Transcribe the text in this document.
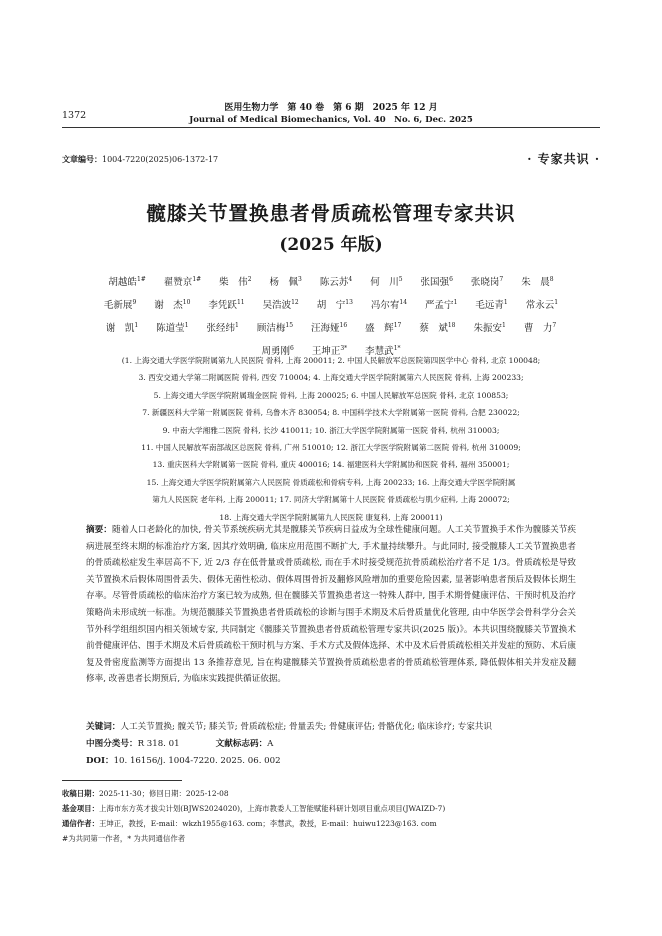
医用生物力学　第 40 卷　第 6 期　2025 年 12 月
Journal of Medical Biomechanics, Vol. 40　No. 6, Dec. 2025
1372
文章编号：1004-7220(2025)06-1372-17	· 专家共识 ·
髋膝关节置换患者骨质疏松管理专家共识
(2025 年版)
胡越皓$^{1\#}$ 翟赞京$^{1\#}$ 柴　伟$^2$ 杨　佩$^3$ 陈云苏$^4$ 何　川$^5$ 张国强$^6$ 张晓岗$^7$ 朱　晨$^8$毛新展$^9$ 谢　杰$^{10}$ 李凭跃$^{11}$ 吴浩波$^{12}$ 胡　宁$^{13}$ 冯尔宥$^{14}$ 严孟宁$^1$ 毛远青$^1$ 常永云$^1$谢　凯$^1$ 陈道莹$^1$ 张经纬$^1$ 顾洁梅$^{15}$ 汪海娅$^{16}$ 盛　辉$^{17}$ 蔡　斌$^{18}$ 朱振安$^1$ 曹　力$^7$周勇刚$^6$ 王坤正$^{3*}$ 李慧武$^{1*}$
(1. 上海交通大学医学院附属第九人民医院 骨科, 上海 200011; 2. 中国人民解放军总医院第四医学中心 骨科, 北京 100048;
3. 西安交通大学第二附属医院 骨科, 西安 710004; 4. 上海交通大学医学院附属第六人民医院 骨科, 上海 200233;
5. 上海交通大学医学院附属瑞金医院 骨科, 上海 200025; 6. 中国人民解放军总医院 骨科, 北京 100853;
7. 新疆医科大学第一附属医院 骨科, 乌鲁木齐 830054; 8. 中国科学技术大学附属第一医院 骨科, 合肥 230022;
9. 中南大学湘雅二医院 骨科, 长沙 410011; 10. 浙江大学医学院附属第一医院 骨科, 杭州 310003;
11. 中国人民解放军南部战区总医院 骨科, 广州 510010; 12. 浙江大学医学院附属第二医院 骨科, 杭州 310009;
13. 重庆医科大学附属第一医院 骨科, 重庆 400016; 14. 福建医科大学附属协和医院 骨科, 福州 350001;
15. 上海交通大学医学院附属第六人民医院 骨质疏松和骨病专科, 上海 200233; 16. 上海交通大学医学院附属
第九人民医院 老年科, 上海 200011; 17. 同济大学附属第十人民医院 骨质疏松与肌少症科, 上海 200072;
18. 上海交通大学医学院附属第九人民医院 康复科, 上海 200011)
摘要：随着人口老龄化的加快, 骨关节系统疾病尤其是髋膝关节疾病日益成为全球性健康问题。人工关节置换手术作为髋膝关节疾病进展至终末期的标准治疗方案, 因其疗效明确, 临床应用范围不断扩大, 手术量持续攀升。与此同时, 接受髋膝人工关节置换患者的骨质疏松症发生率居高不下, 近 2/3 存在低骨量或骨质疏松, 而在手术时接受规范抗骨质疏松治疗者不足 1/3。骨质疏松是导致关节置换术后假体周围骨丢失、假体无菌性松动、假体周围骨折及翻修风险增加的重要危险因素, 显著影响患者预后及假体长期生存率。尽管骨质疏松的临床治疗方案已较为成熟, 但在髋膝关节置换患者这一特殊人群中, 围手术期骨健康评估、干预时机及治疗策略尚未形成统一标准。为规范髋膝关节置换患者骨质疏松的诊断与围手术期及术后骨质量优化管理, 由中华医学会骨科学分会关节外科学组组织国内相关领域专家, 共同制定《髋膝关节置换患者骨质疏松管理专家共识(2025 版)》。本共识围绕髋膝关节置换术前骨健康评估、围手术期及术后骨质疏松干预时机与方案、手术方式及假体选择、术中及术后骨质疏松相关并发症的预防、术后康复及骨密度监测等方面提出 13 条推荐意见, 旨在构建髋膝关节置换骨质疏松患者的骨质疏松管理体系, 降低假体相关并发症及翻修率, 改善患者长期预后, 为临床实践提供循证依据。
关键词：人工关节置换; 髋关节; 膝关节; 骨质疏松症; 骨量丢失; 骨健康评估; 骨骼优化; 临床诊疗; 专家共识
中图分类号：R 318. 01	文献标志码：A
DOI：10. 16156/j. 1004-7220. 2025. 06. 002
收稿日期：2025-11-30；修回日期：2025-12-08
基金项目：上海市东方英才拔尖计划(BJWS2024020)，上海市教委人工智能赋能科研计划项目重点项目(JWAIZD-7)
通信作者：王坤正，教授，E-mail：wkzh1955@163. com；李慧武，教授，E-mail：huiwu1223@163. com
#为共同第一作者，* 为共同通信作者
